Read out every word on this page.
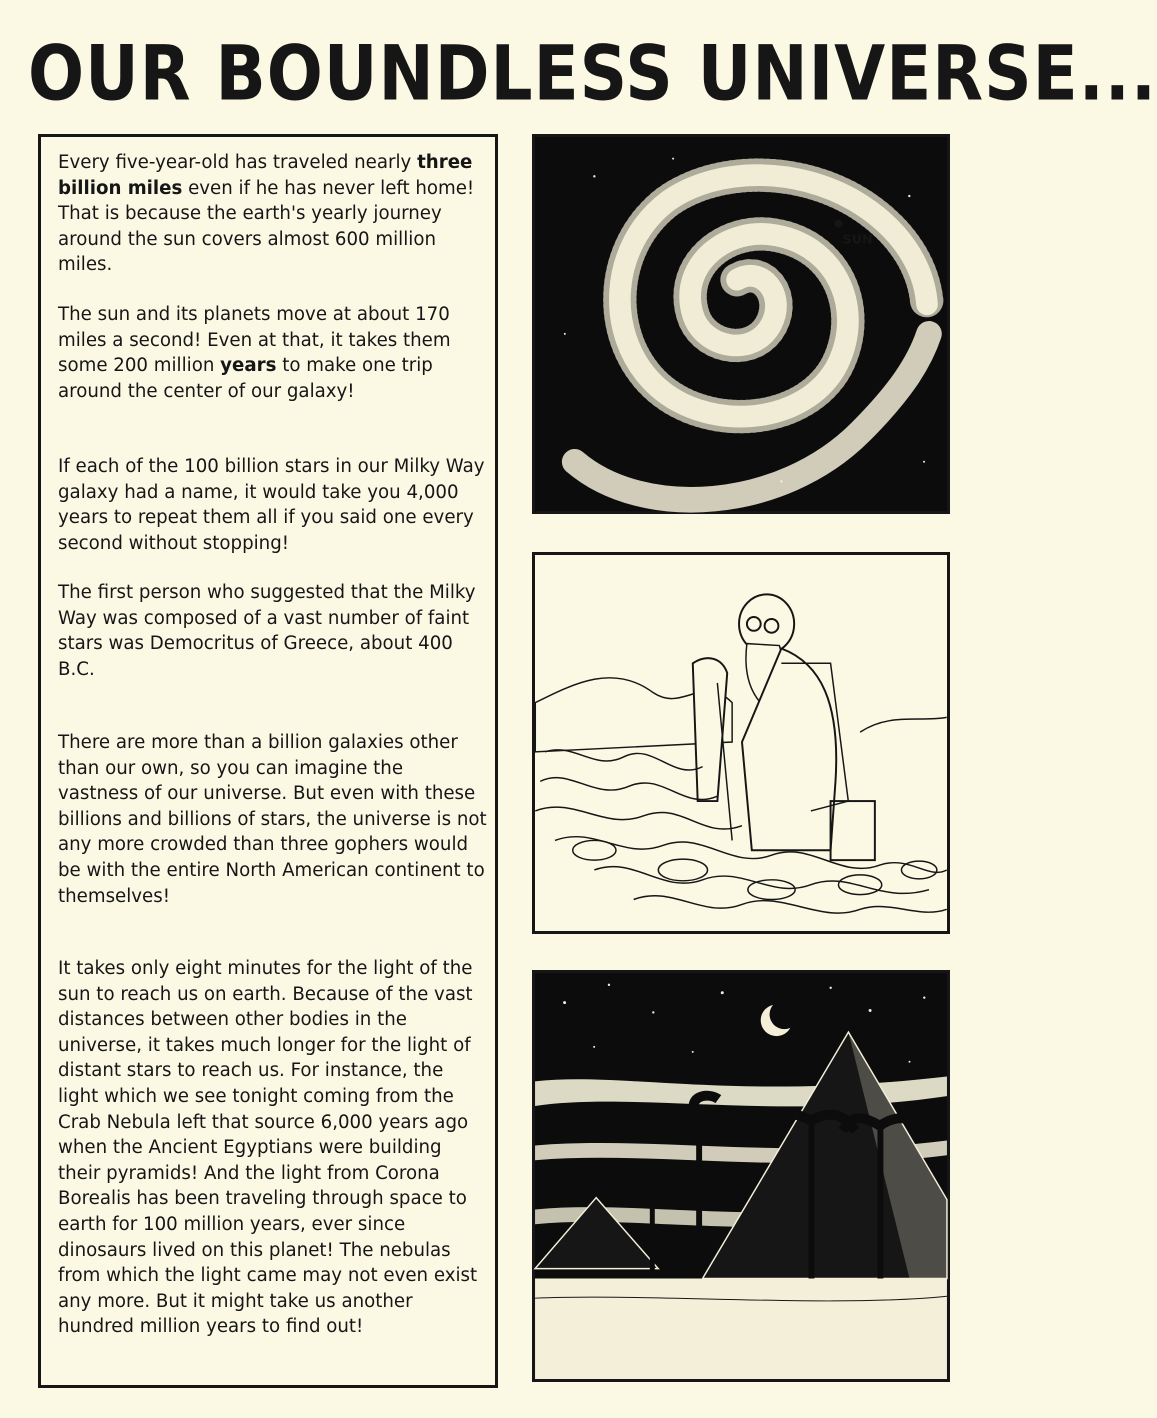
OUR BOUNDLESS UNIVERSE...

Every five-year-old has traveled nearly three billion miles even if he has never left home! That is because the earth's yearly journey around the sun covers almost 600 million miles.

The sun and its planets move at about 170 miles a second! Even at that, it takes them some 200 million years to make one trip around the center of our galaxy!

If each of the 100 billion stars in our Milky Way galaxy had a name, it would take you 4,000 years to repeat them all if you said one every second without stopping!

The first person who suggested that the Milky Way was composed of a vast number of faint stars was Democritus of Greece, about 400 B.C.

There are more than a billion galaxies other than our own, so you can imagine the vastness of our universe. But even with these billions and billions of stars, the universe is not any more crowded than three gophers would be with the entire North American continent to themselves!

It takes only eight minutes for the light of the sun to reach us on earth. Because of the vast distances between other bodies in the universe, it takes much longer for the light of distant stars to reach us. For instance, the light which we see tonight coming from the Crab Nebula left that source 6,000 years ago when the Ancient Egyptians were building their pyramids! And the light from Corona Borealis has been traveling through space to earth for 100 million years, ever since dinosaurs lived on this planet! The nebulas from which the light came may not even exist any more. But it might take us another hundred million years to find out!

SUN
